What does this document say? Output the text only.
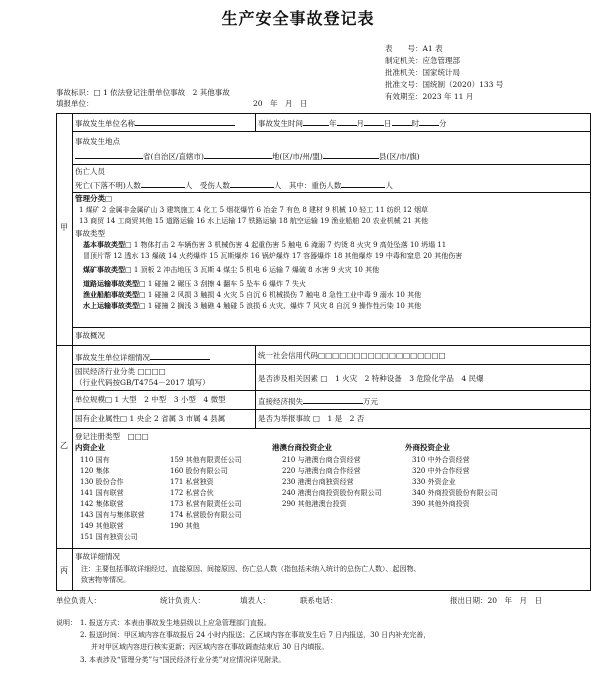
生产安全事故登记表
表　　号：A1 表
制定机关：应急管理部
批准机关：国家统计局
批准文号：国统制（2020）133 号
有效期至：2023 年 11 月
事故标识：□ 1 依法登记注册单位事故　2 其他事故
填报单位：	20　年　月　日
甲
事故发生单位名称	事故发生时间	年	月	日	时	分
事故发生地点
省(自治区/直辖市)	地(区/市/州/盟)	县(区/市/旗)
伤亡人员
死亡(下落不明)人数	人　 受伤人数	人　 其中：重伤人数	人
管理分类□
1 煤矿 2 金属非金属矿山 3 建筑施工 4 化工 5 烟花爆竹 6 冶金 7 有色 8 建材 9 机械 10 轻工 11 纺织 12 烟草
13 商贸 14 工商贸其他 15 道路运输 16 水上运输 17 铁路运输 18 航空运输 19 渔业船舶 20 农业机械 21 其他
事故类型
基本事故类型□ 1 物体打击 2 车辆伤害 3 机械伤害 4 起重伤害 5 触电 6 淹溺 7 灼烫 8 火灾 9 高处坠落 10 坍塌 11
冒顶片帮 12 透水 13 爆破 14 火药爆炸 15 瓦斯爆炸 16 锅炉爆炸 17 容器爆炸 18 其他爆炸 19 中毒和窒息 20 其他伤害
煤矿事故类型□ 1 顶板 2 冲击地压 3 瓦斯 4 煤尘 5 机电 6 运输 7 爆破 8 水害 9 火灾 10 其他
道路运输事故类型□ 1 碰撞 2 碾压 3 刮擦 4 翻车 5 坠车 6 爆炸 7 失火
渔业船舶事故类型□ 1 碰撞 2 风损 3 触损 4 火灾 5 自沉 6 机械损伤 7 触电 8 急性工业中毒 9 溺水 10 其他
水上运输事故类型□ 1 碰撞 2 搁浅 3 触礁 4 触碰 5 浪损 6 火灾、爆炸 7 风灾 8 自沉 9 操作性污染 10 其他
事故概况
乙
事故发生单位详细情况	统一社会信用代码□□□□□□□□□□□□□□□□□□
国民经济行业分类 □□□□
（行业代码按GB/T4754－2017 填写）	是否涉及相关因素 □　1 火灾　2 特种设备　3 危险化学品　4 民爆
单位规模□ 1 大型　2 中型　3 小型　4 微型	直接经济损失	万元
国有企业属性□ 1 央企 2 省属 3 市属 4 县属	是否为举报事故 □　1 是　2 否
登记注册类型　□□□
内资企业
110 国有
120 集体
130 股份合作
141 国有联营
142 集体联营
143 国有与集体联营
149 其他联营
151 国有独资公司
159 其他有限责任公司
160 股份有限公司
171 私营独资
172 私营合伙
173 私营有限责任公司
174 私营股份有限公司
190 其他
港澳台商投资企业
210 与港澳台商合资经营
220 与港澳台商合作经营
230 港澳台商独资经营
240 港澳台商投资股份有限公司
290 其他港澳台投资
外商投资企业
310 中外合资经营
320 中外合作经营
330 外资企业
340 外商投资股份有限公司
390 其他外商投资
丙
事故详细情况
注：主要包括事故详细经过、直接原因、间接原因、伤亡总人数（指包括未纳入统计的总伤亡人数）、起因物、
致害物等情况。
单位负责人：	统计负责人：	填表人：	联系电话：	报出日期：20　年　月　日
说明： 1. 报送方式：本表由事故发生地县级以上应急管理部门直报。
2. 报送时间：甲区域内容在事故报后 24 小时内报送；乙区域内容在事故发生后 7 日内报送，30 日内补充完善，
并对甲区域内容进行核实更新；丙区域内容在事故调查结束后 30 日内填报。
3. 本表涉及“管理分类”与“国民经济行业分类”对应情况详见附录。
